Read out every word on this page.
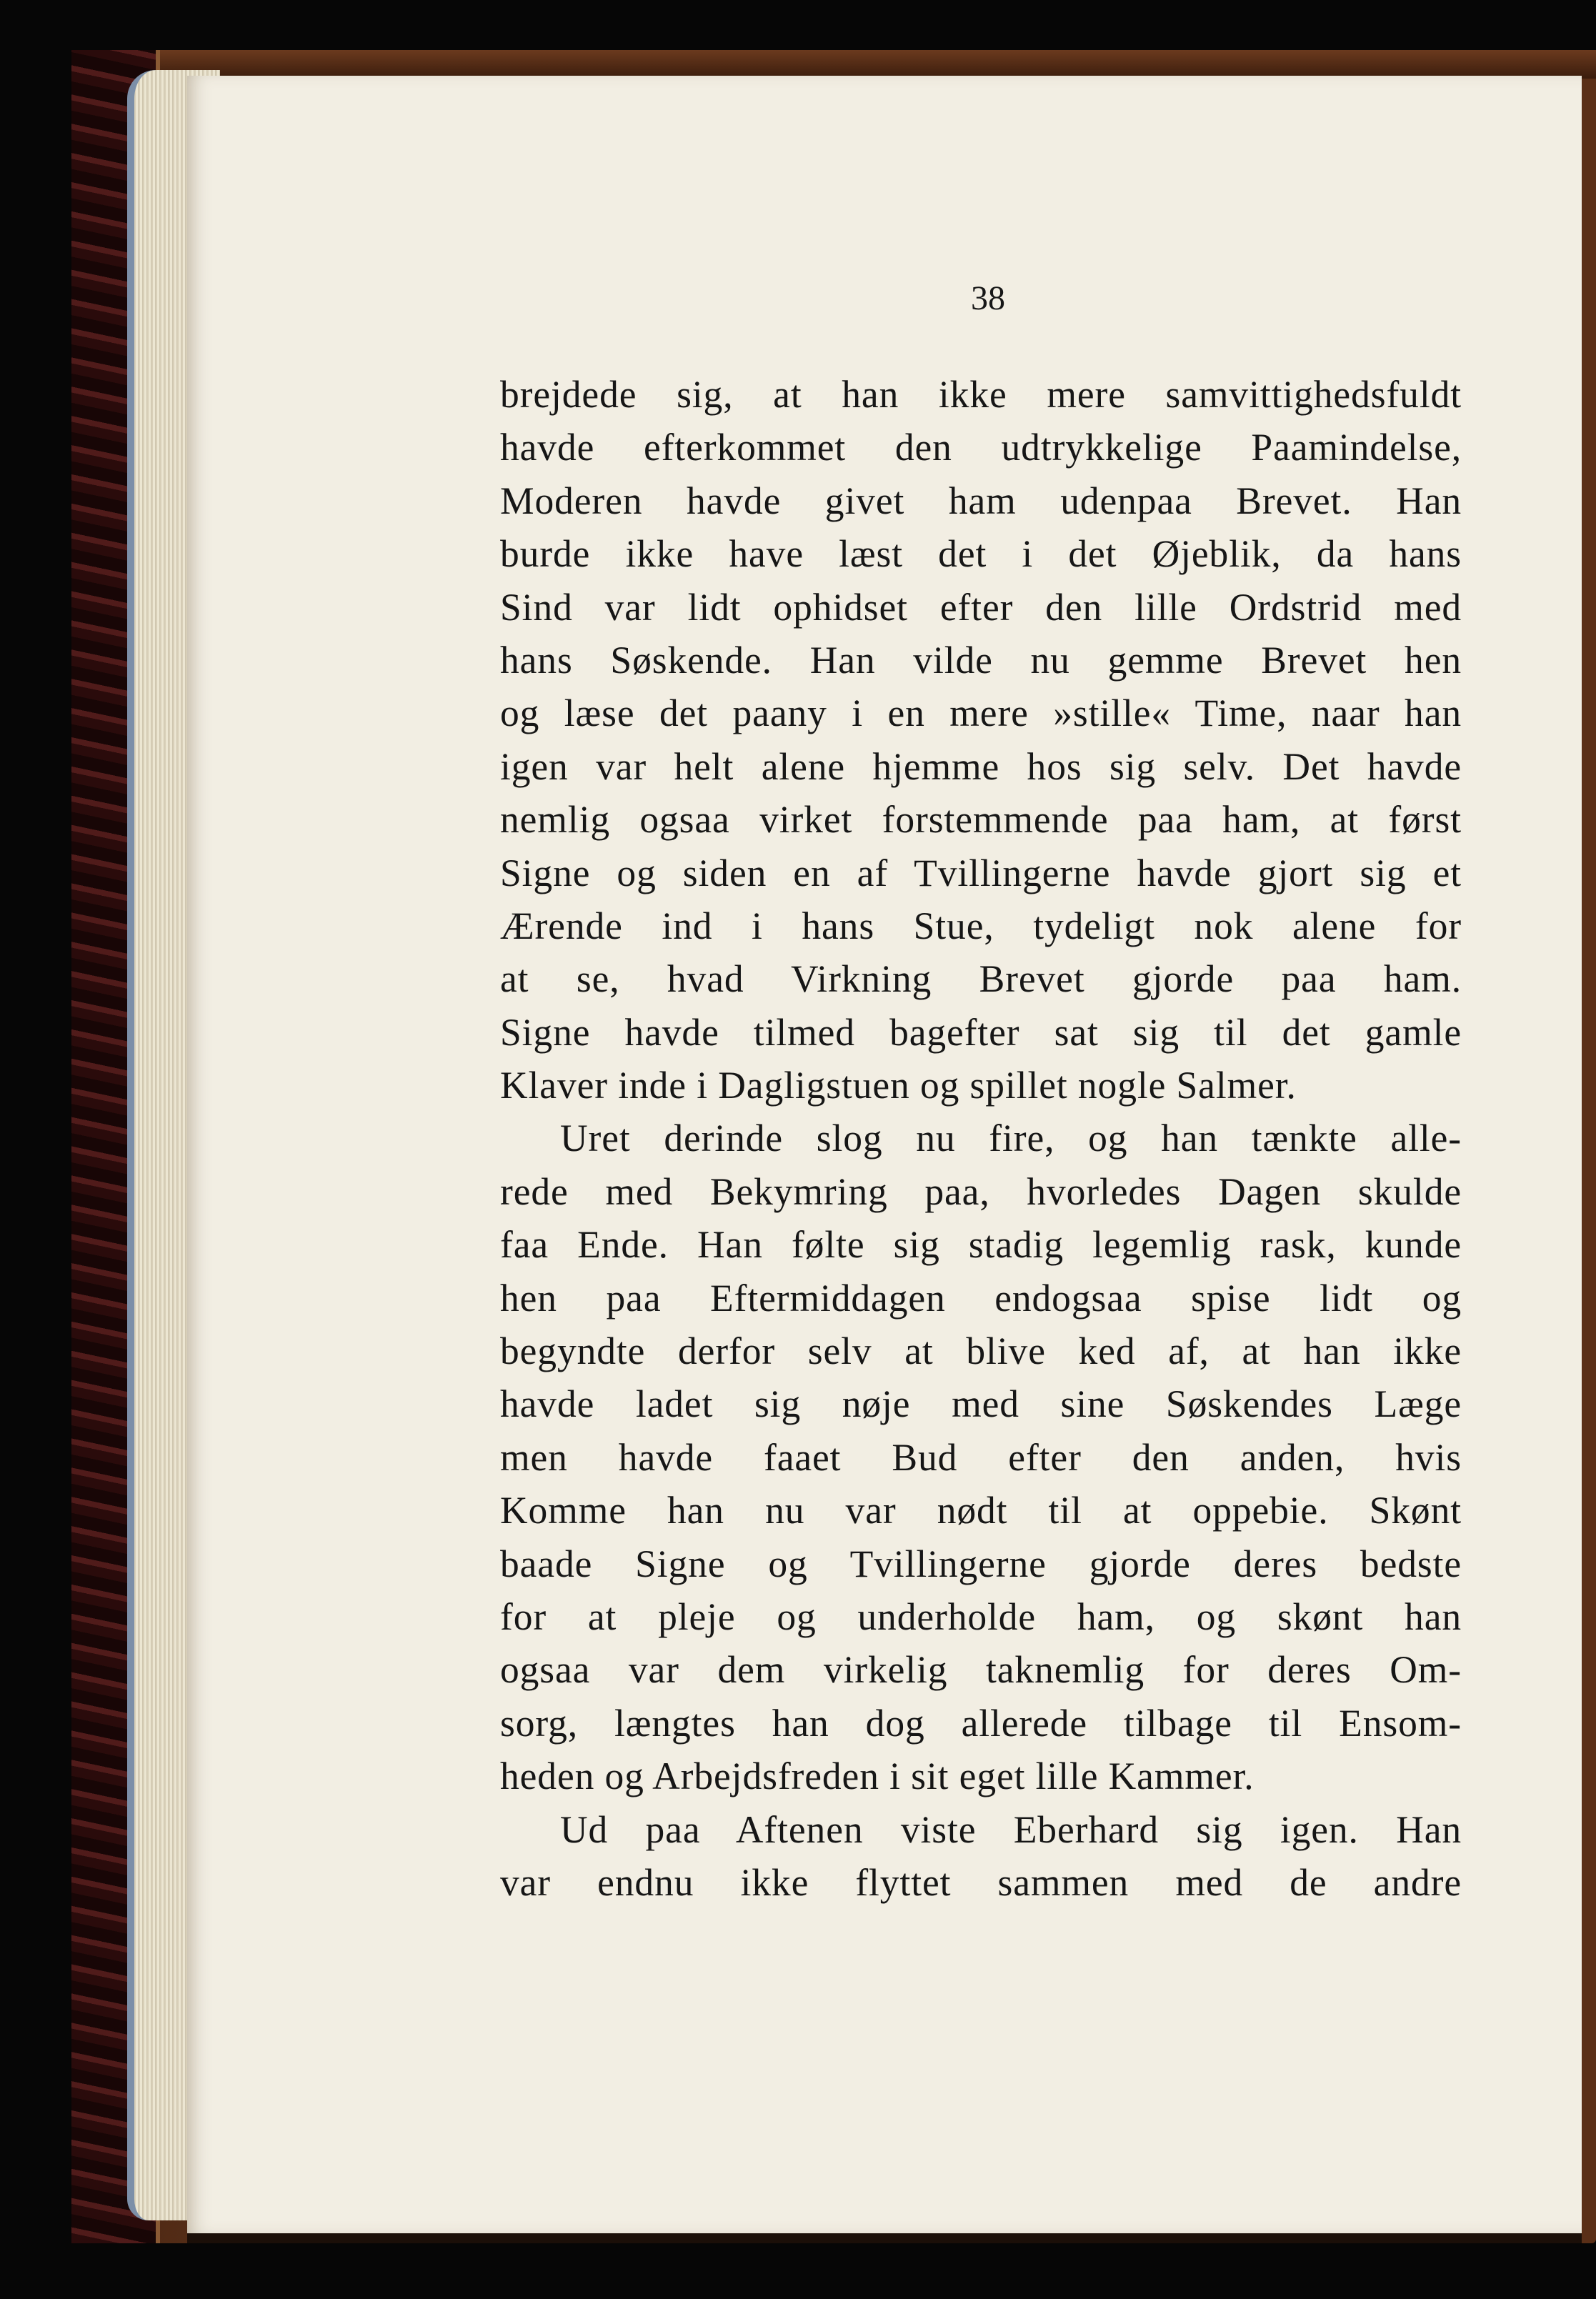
brejdede sig, at han ikke mere samvittighedsfuldt
havde efterkommet den udtrykkelige Paamindelse,
Moderen havde givet ham udenpaa Brevet. Han
burde ikke have læst det i det Øjeblik, da hans
Sind var lidt ophidset efter den lille Ordstrid med
hans Søskende. Han vilde nu gemme Brevet hen
og læse det paany i en mere »stille« Time, naar han
igen var helt alene hjemme hos sig selv. Det havde
nemlig ogsaa virket forstemmende paa ham, at først
Signe og siden en af Tvillingerne havde gjort sig et
Ærende ind i hans Stue, tydeligt nok alene for
at se, hvad Virkning Brevet gjorde paa ham.
Signe havde tilmed bagefter sat sig til det gamle
Klaver inde i Dagligstuen og spillet nogle Salmer.
Uret derinde slog nu fire, og han tænkte alle-
rede med Bekymring paa, hvorledes Dagen skulde
faa Ende. Han følte sig stadig legemlig rask, kunde
hen paa Eftermiddagen endogsaa spise lidt og
begyndte derfor selv at blive ked af, at han ikke
havde ladet sig nøje med sine Søskendes Læge
men havde faaet Bud efter den anden, hvis
Komme han nu var nødt til at oppebie. Skønt
baade Signe og Tvillingerne gjorde deres bedste
for at pleje og underholde ham, og skønt han
ogsaa var dem virkelig taknemlig for deres Om-
sorg, længtes han dog allerede tilbage til Ensom-
heden og Arbejdsfreden i sit eget lille Kammer.
Ud paa Aftenen viste Eberhard sig igen. Han
var endnu ikke flyttet sammen med de andre
